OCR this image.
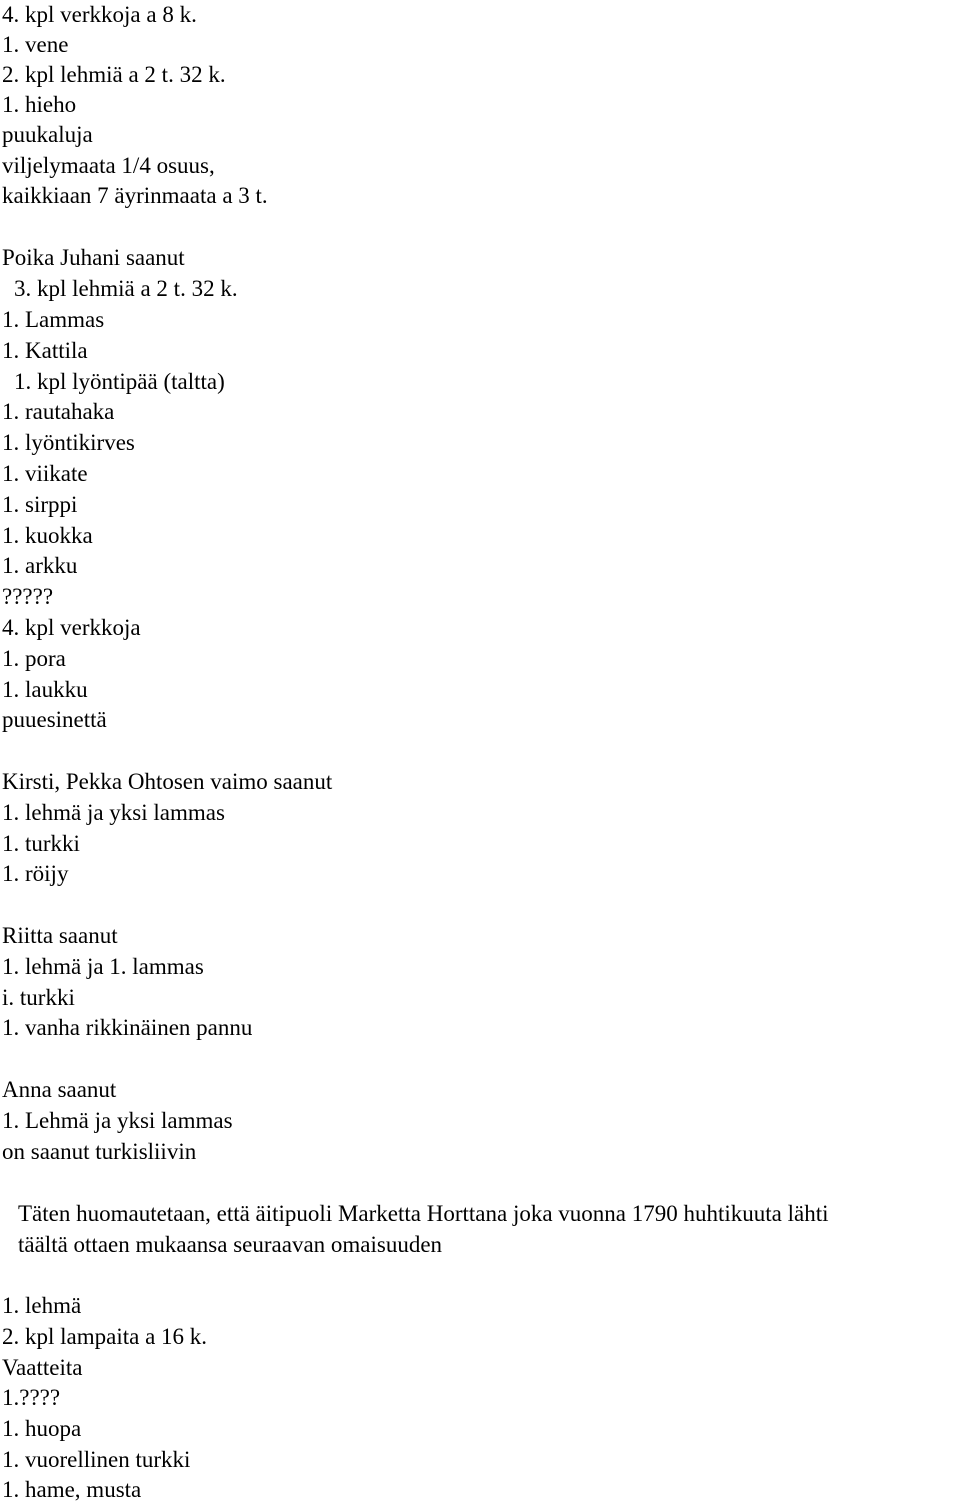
4. kpl verkkoja a 8 k.
1. vene
2. kpl lehmiä a 2 t. 32 k.
1. hieho
puukaluja
viljelymaata 1/4 osuus,
kaikkiaan 7 äyrinmaata a 3 t.
Poika Juhani saanut
3. kpl lehmiä a 2 t. 32 k.
1. Lammas
1. Kattila
1. kpl lyöntipää (taltta)
1. rautahaka
1. lyöntikirves
1. viikate
1. sirppi
1. kuokka
1. arkku
?????
4. kpl verkkoja
1. pora
1. laukku
puuesinettä
Kirsti, Pekka Ohtosen vaimo saanut
1. lehmä ja yksi lammas
1. turkki
1. röijy
Riitta saanut
1. lehmä ja 1. lammas
i. turkki
1. vanha rikkinäinen pannu
Anna saanut
1. Lehmä ja yksi lammas
on saanut turkisliivin
Täten huomautetaan, että äitipuoli Marketta Horttana joka vuonna 1790 huhtikuuta lähti
täältä ottaen mukaansa seuraavan omaisuuden
1. lehmä
2. kpl lampaita a 16 k.
Vaatteita
1.????
1. huopa
1. vuorellinen turkki
1. hame, musta
